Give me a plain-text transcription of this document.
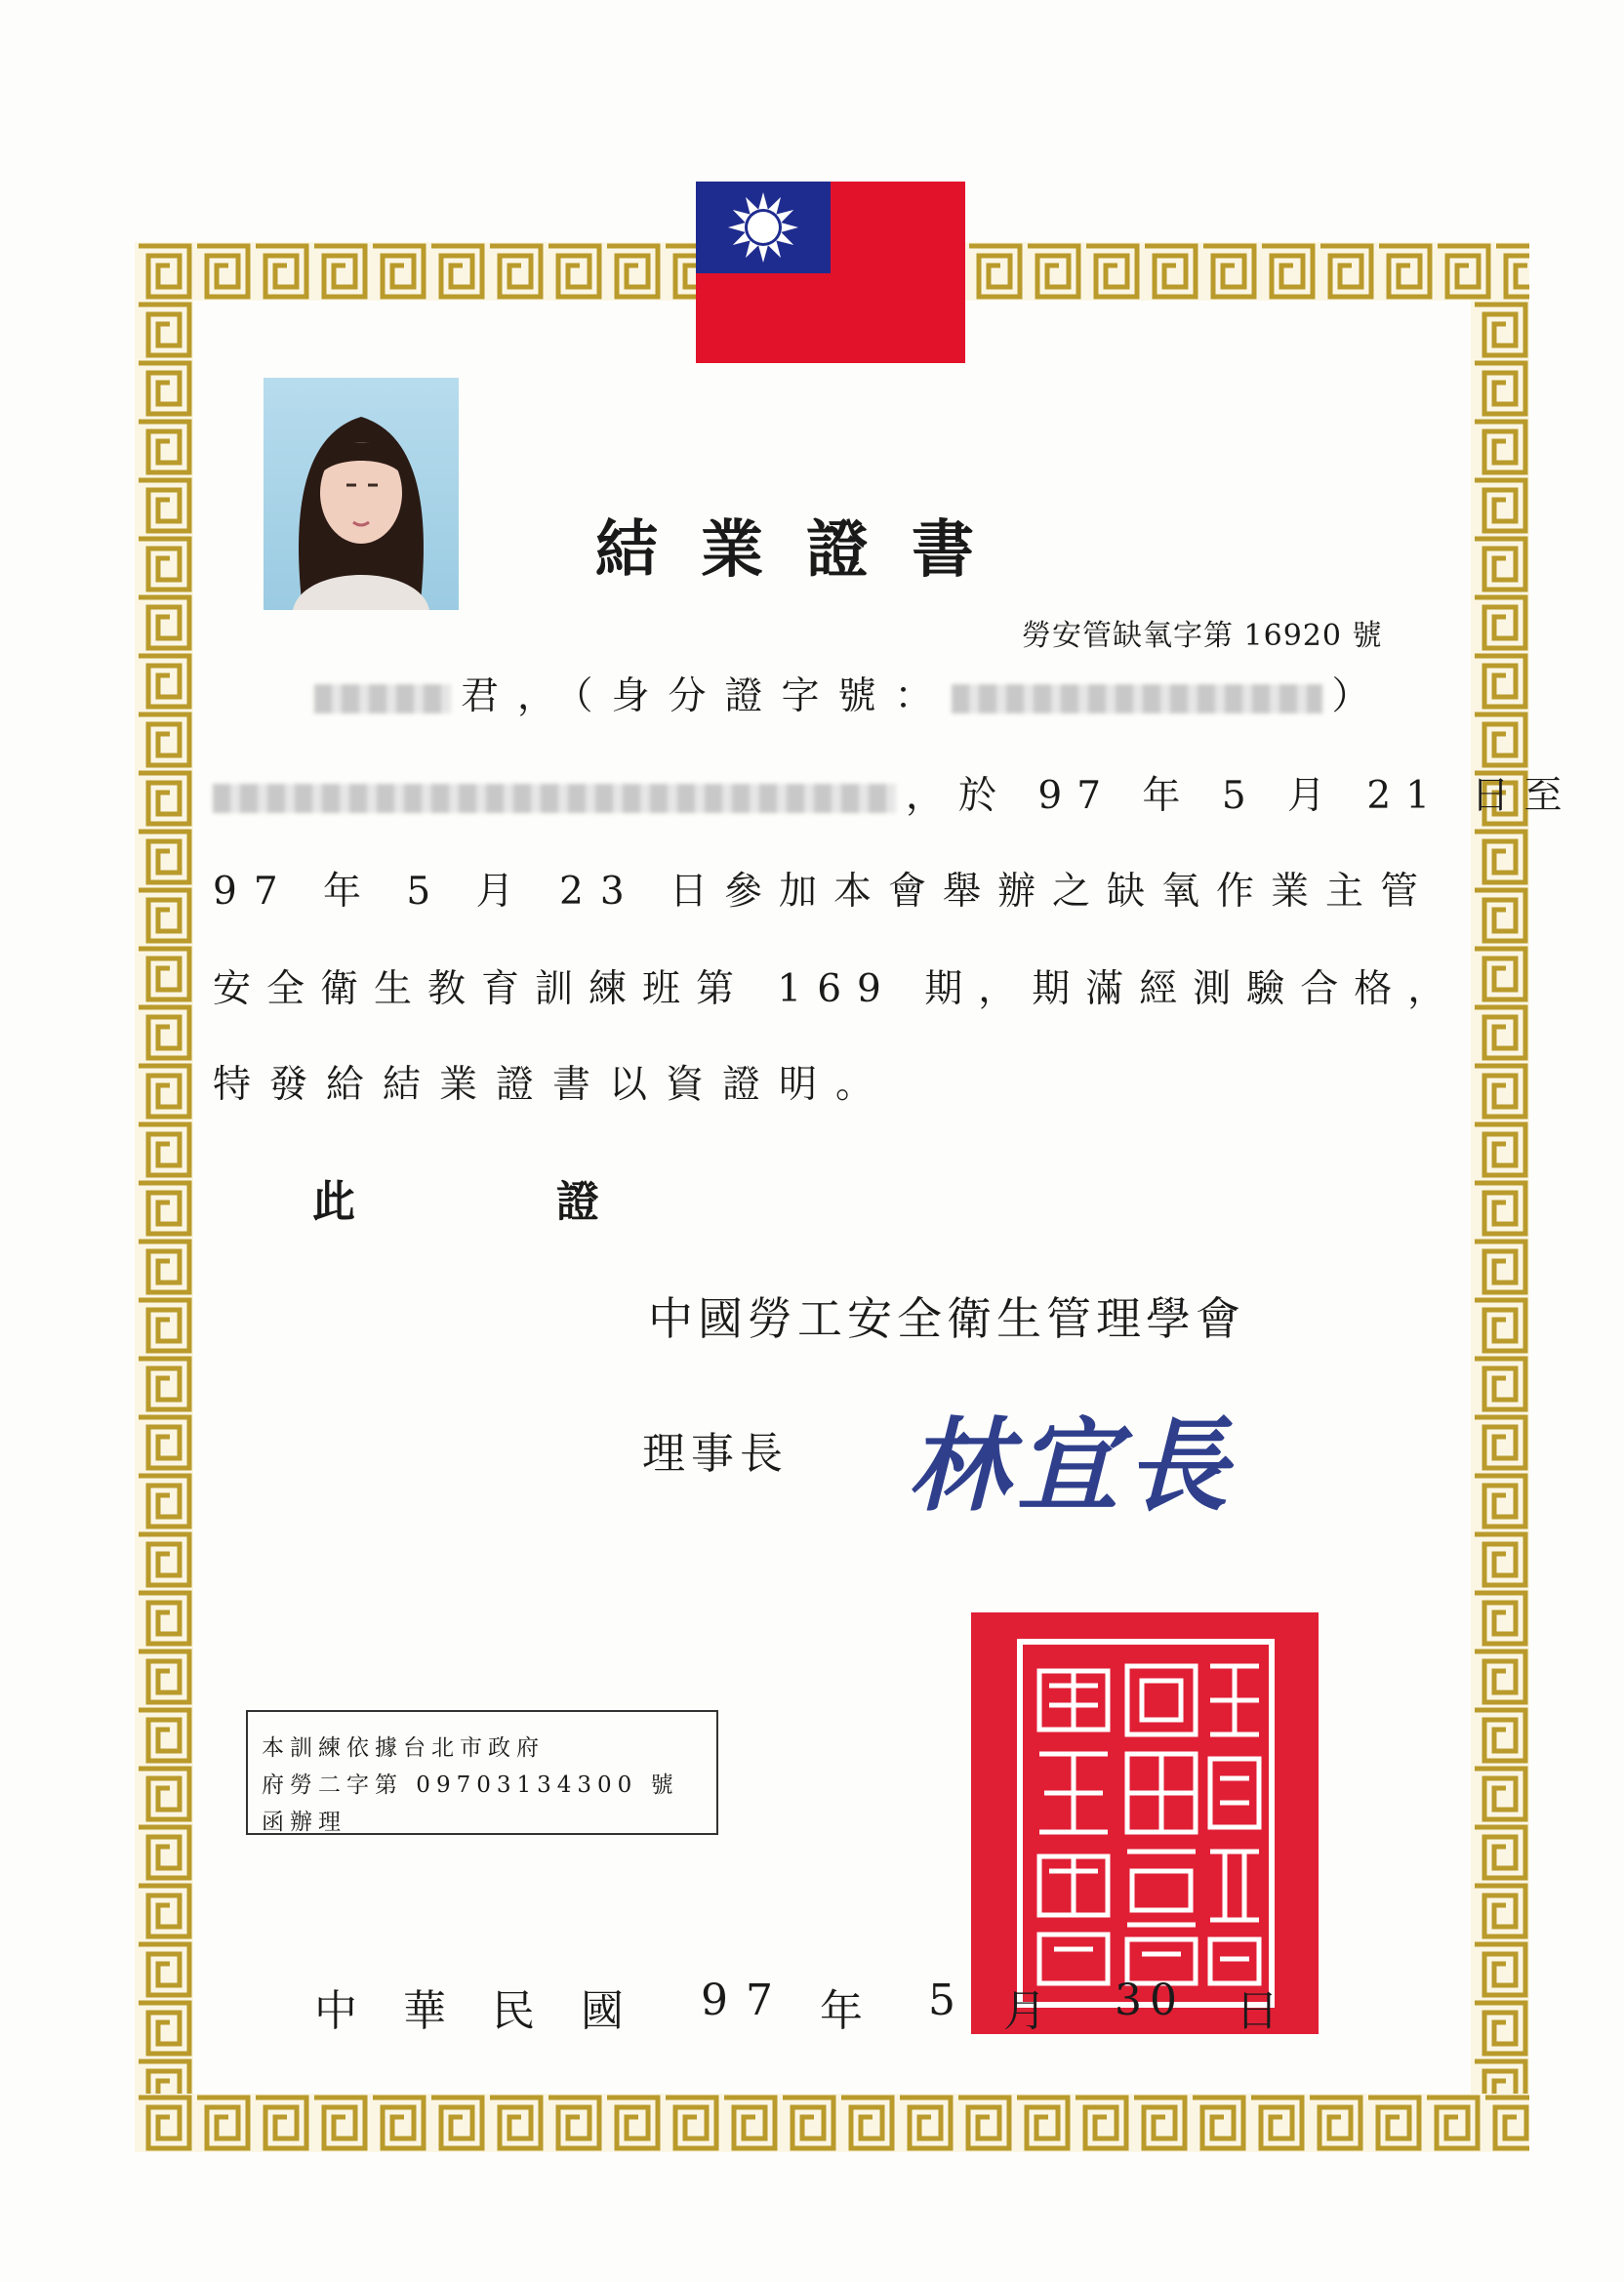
結業證書
勞安管缺氧字第 16920 號
君，（身分證字號：	）
，於 97 年 5 月 21 日至
97 年 5 月 23 日參加本會舉辦之缺氧作業主管
安全衛生教育訓練班第 169 期，期滿經測驗合格，
特發給結業證書以資證明。
此	證
中國勞工安全衛生管理學會
理事長 林宜長
本訓練依據台北市政府
府勞二字第 09703134300 號函辦理
中華民國 97 年 5 月 30 日
